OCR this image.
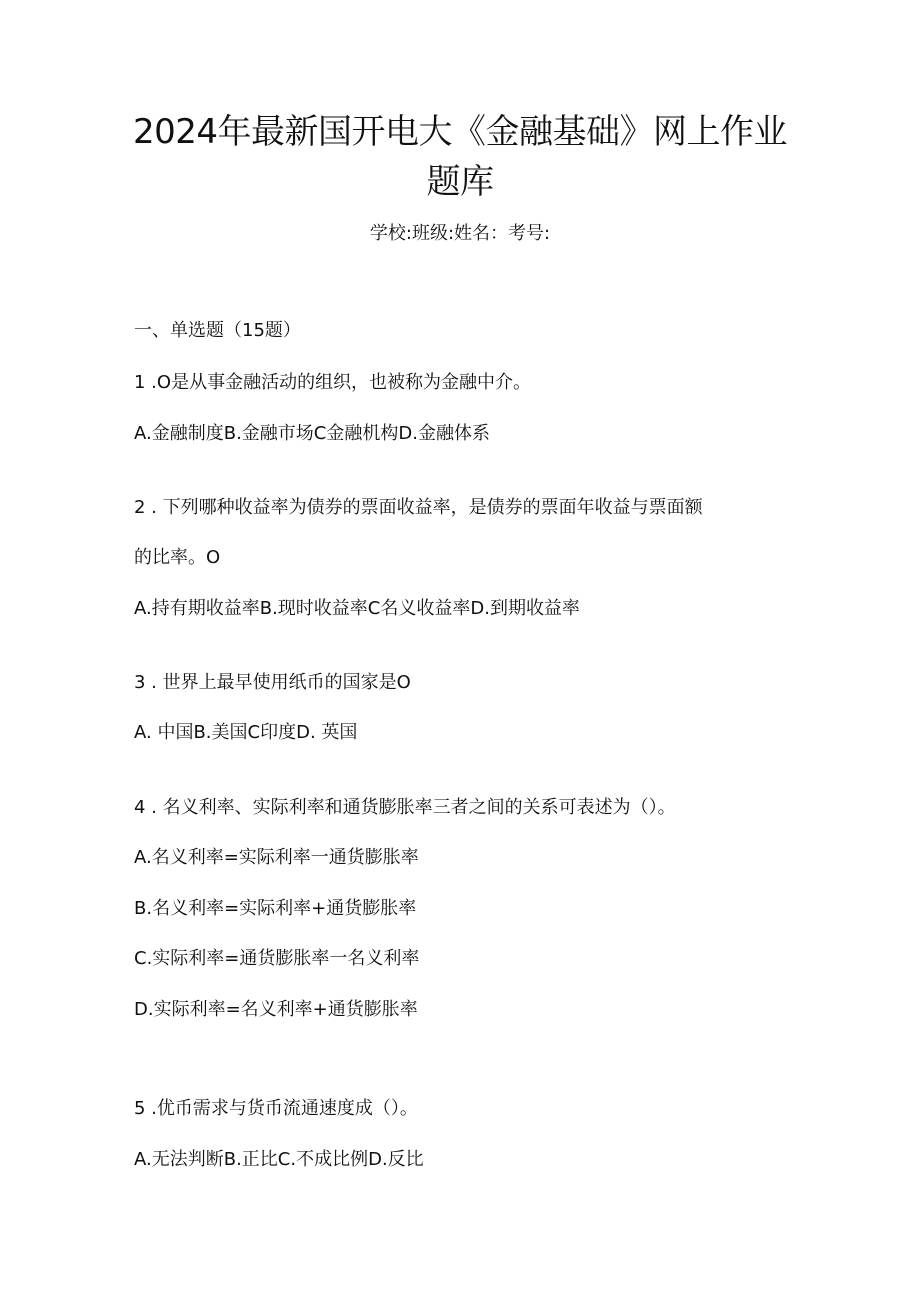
2024年最新国开电大《金融基础》网上作业
题库
学校:班级:姓名：考号:
一、单选题（15题）
1 .O是从事金融活动的组织，也被称为金融中介。
A.金融制度B.金融市场C金融机构D.金融体系
2 . 下列哪种收益率为债券的票面收益率，是债券的票面年收益与票面额
的比率。O
A.持有期收益率B.现时收益率C名义收益率D.到期收益率
3 . 世界上最早使用纸币的国家是O
A. 中国B.美国C印度D. 英国
4 . 名义利率、实际利率和通货膨胀率三者之间的关系可表述为（）。
A.名义利率=实际利率一通货膨胀率
B.名义利率=实际利率+通货膨胀率
C.实际利率=通货膨胀率一名义利率
D.实际利率=名义利率+通货膨胀率
5 .优币需求与货币流通速度成（）。
A.无法判断B.正比C.不成比例D.反比
